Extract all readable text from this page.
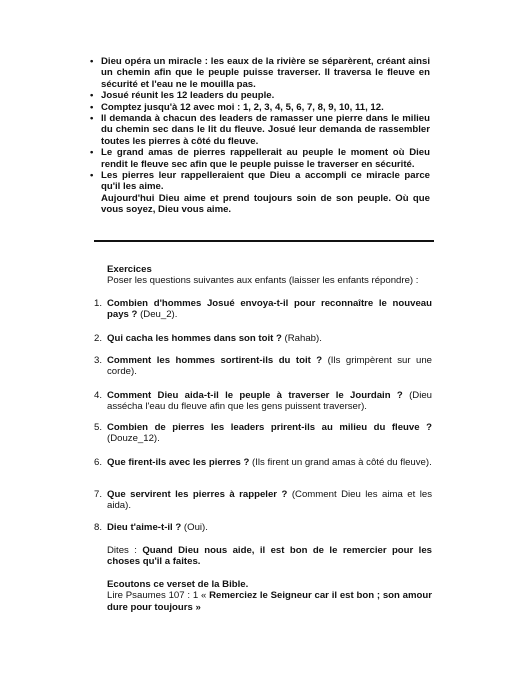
• Dieu opéra un miracle : les eaux de la rivière se séparèrent, créant ainsi un chemin afin que le peuple puisse traverser. Il traversa le fleuve en sécurité et l'eau ne le mouilla pas.
• Josué réunit les 12 leaders du peuple.
• Comptez jusqu'à 12 avec moi : 1, 2, 3, 4, 5, 6, 7, 8, 9, 10, 11, 12.
• Il demanda à chacun des leaders de ramasser une pierre dans le milieu du chemin sec dans le lit du fleuve. Josué leur demanda de rassembler toutes les pierres à côté du fleuve.
• Le grand amas de pierres rappellerait au peuple le moment où Dieu rendit le fleuve sec afin que le peuple puisse le traverser en sécurité.
• Les pierres leur rappelleraient que Dieu a accompli ce miracle parce qu'il les aime.
Aujourd'hui Dieu aime et prend toujours soin de son peuple. Où que vous soyez, Dieu vous aime.
Exercices
Poser les questions suivantes aux enfants (laisser les enfants répondre) :
1. Combien d'hommes Josué envoya-t-il pour reconnaître le nouveau pays ? (Deu_2).
2. Qui cacha les hommes dans son toit ? (Rahab).
3. Comment les hommes sortirent-ils du toit ? (Ils grimpèrent sur une corde).
4. Comment Dieu aida-t-il le peuple à traverser le Jourdain ? (Dieu asséchа l'eau du fleuve afin que les gens puissent traverser).
5. Combien de pierres les leaders prirent-ils au milieu du fleuve ? (Douze_12).
6. Que firent-ils avec les pierres ? (Ils firent un grand amas à côté du fleuve).
7. Que servirent les pierres à rappeler ? (Comment Dieu les aima et les aida).
8. Dieu t'aime-t-il ? (Oui).
Dites : Quand Dieu nous aide, il est bon de le remercier pour les choses qu'il a faites.
Ecoutons ce verset de la Bible.
Lire Psaumes 107 : 1 « Remerciez le Seigneur car il est bon ; son amour dure pour toujours »
